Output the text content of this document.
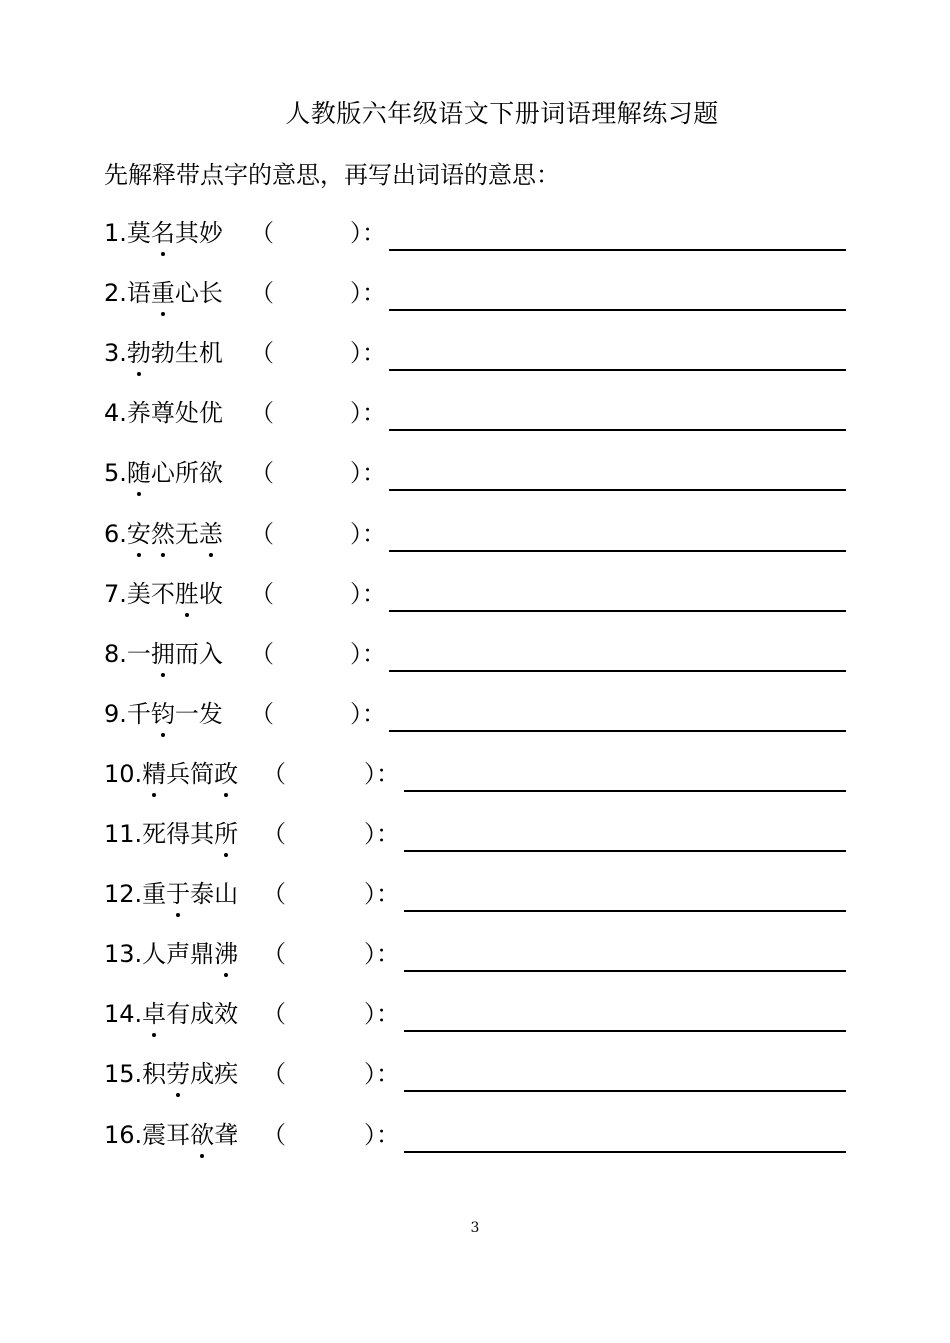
人教版六年级语文下册词语理解练习题
先解释带点字的意思，再写出词语的意思：
1.莫名其妙 （	）：
2.语重心长 （	）：
3.勃勃生机 （	）：
4.养尊处优 （	）：
5.随心所欲 （	）：
6.安然无恙 （	）：
7.美不胜收 （	）：
8.一拥而入 （	）：
9.千钧一发 （	）：
10.精兵简政 （	）：
11.死得其所 （	）：
12.重于泰山 （	）：
13.人声鼎沸 （	）：
14.卓有成效 （	）：
15.积劳成疾 （	）：
16.震耳欲聋 （	）：
3
